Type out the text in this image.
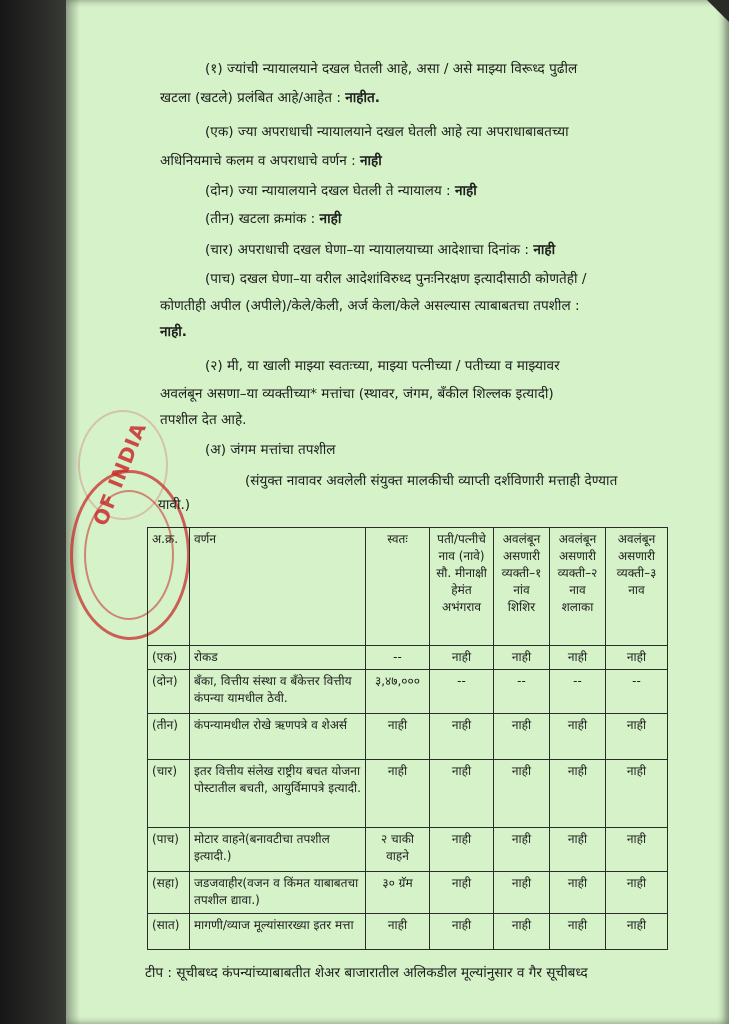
OF INDIA
(१) ज्यांची न्यायालयाने दखल घेतली आहे, असा / असे माझ्या विरूध्द पुढील
खटला (खटले) प्रलंबित आहे/आहेत : नाहीत.
(एक) ज्या अपराधाची न्यायालयाने दखल घेतली आहे त्या अपराधाबाबतच्या
अधिनियमाचे कलम व अपराधाचे वर्णन : नाही
(दोन) ज्या न्यायालयाने दखल घेतली ते न्यायालय : नाही
(तीन) खटला क्रमांक : नाही
(चार) अपराधाची दखल घेणा–या न्यायालयाच्या आदेशाचा दिनांक : नाही
(पाच) दखल घेणा–या वरील आदेशांविरुध्द पुनःनिरक्षण इत्यादीसाठी कोणतेही /
कोणतीही अपील (अपीले)/केले/केली, अर्ज केला/केले असल्यास त्याबाबतचा तपशील :
नाही.
(२) मी, या खाली माझ्या स्वतःच्या, माझ्या पत्नीच्या / पतीच्या व माझ्यावर
अवलंबून असणा–या व्यक्तीच्या* मत्तांचा (स्थावर, जंगम, बँकील शिल्लक इत्यादी)
तपशील देत आहे.
(अ) जंगम मत्तांचा तपशील
(संयुक्त नावावर अवलेली संयुक्त मालकीची व्याप्ती दर्शविणारी मत्ताही देण्यात
यावी.)
अ.क्र.	वर्णन	स्वतः	पती/पत्नीचे नाव (नावे) सौ. मीनाक्षी हेमंत अभंगराव	अवलंबून असणारी व्यक्ती–१ नांव शिशिर	अवलंबून असणारी व्यक्ती–२ नाव शलाका	अवलंबून असणारी व्यक्ती–३ नाव
(एक)	रोकड	--	नाही	नाही	नाही	नाही
(दोन)	बँका, वित्तीय संस्था व बँकेत्तर वित्तीय कंपन्या यामधील ठेवी.	३,४७,०००	--	--	--	--
(तीन)	कंपन्यामधील रोखे ऋणपत्रे व शेअर्स	नाही	नाही	नाही	नाही	नाही
(चार)	इतर वित्तीय संलेख राष्ट्रीय बचत योजना पोस्टातील बचती, आयुर्विमापत्रे इत्यादी.	नाही	नाही	नाही	नाही	नाही
(पाच)	मोटार वाहने(बनावटीचा तपशील इत्यादी.)	२ चाकी वाहने	नाही	नाही	नाही	नाही
(सहा)	जडजवाहीर(वजन व किंमत याबाबतचा तपशील द्यावा.)	३० ग्रॅम	नाही	नाही	नाही	नाही
(सात)	मागणी/व्याज मूल्यांसारख्या इतर मत्ता	नाही	नाही	नाही	नाही	नाही
टीप : सूचीबध्द कंपन्यांच्याबाबतीत शेअर बाजारातील अलिकडील मूल्यांनुसार व गैर सूचीबध्द
